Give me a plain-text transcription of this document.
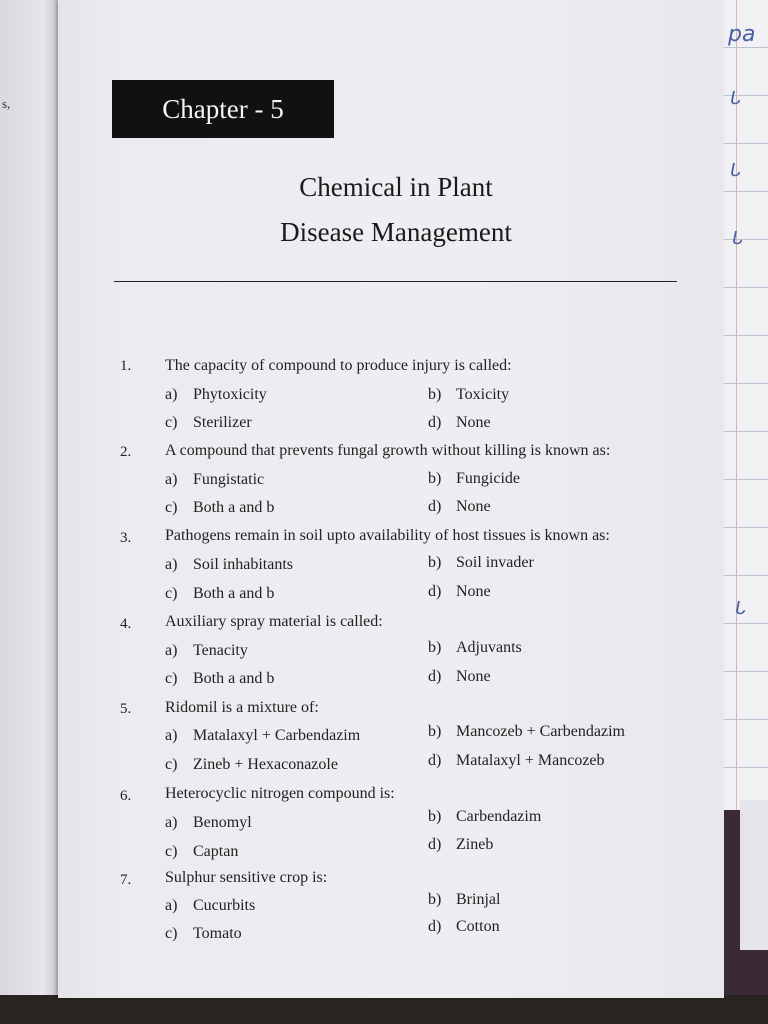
s,
pa
ᒐ
ᒐ
ᒐ
ᒐ
Chapter - 5
Chemical in Plant
Disease Management
1. The capacity of compound to produce injury is called:
a) Phytoxicity	b) Toxicity
c) Sterilizer	d) None
2. A compound that prevents fungal growth without killing is known as:
a) Fungistatic	b) Fungicide
c) Both a and b	d) None
3. Pathogens remain in soil upto availability of host tissues is known as:
a) Soil inhabitants	b) Soil invader
c) Both a and b	d) None
4. Auxiliary spray material is called:
a) Tenacity	b) Adjuvants
c) Both a and b	d) None
5. Ridomil is a mixture of:
a) Matalaxyl + Carbendazim	b) Mancozeb + Carbendazim
c) Zineb + Hexaconazole	d) Matalaxyl + Mancozeb
6. Heterocyclic nitrogen compound is:
a) Benomyl	b) Carbendazim
c) Captan	d) Zineb
7. Sulphur sensitive crop is:
a) Cucurbits	b) Brinjal
c) Tomato	d) Cotton
